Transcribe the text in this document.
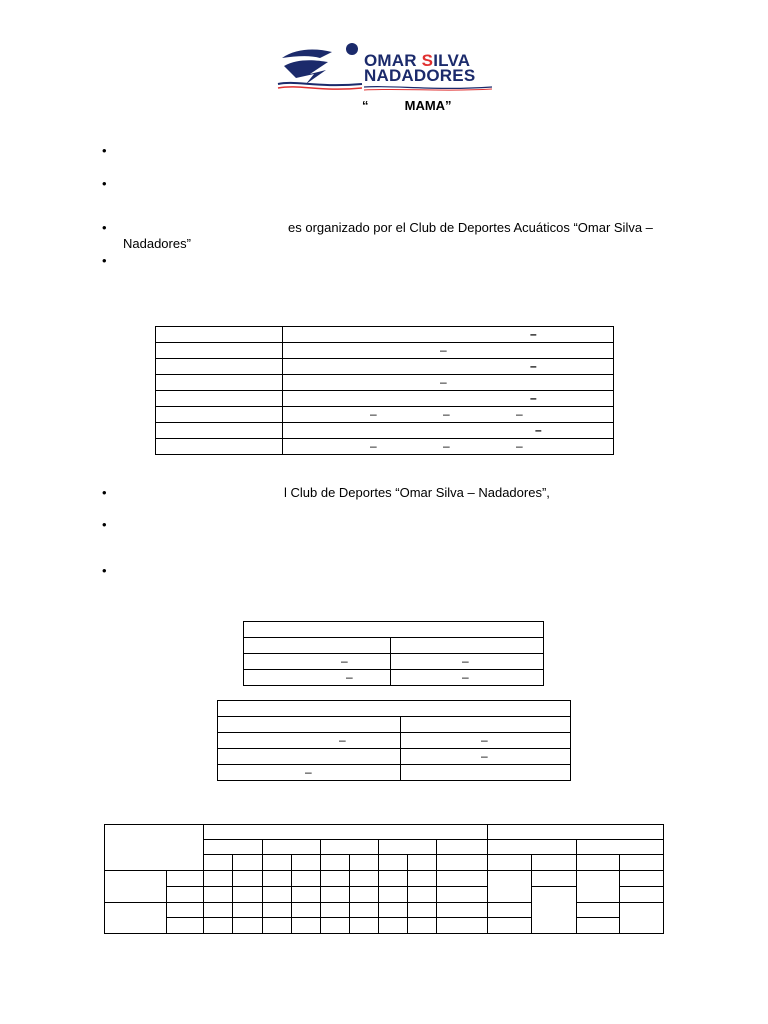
OMAR SILVA
NADADORES
“          MAMA”
•
•
•	es organizado por el Club de Deportes Acuáticos “Omar Silva –
Nadadores”
•

	–

	–

	–

	–

	–

	– – –

	–

	– – –
•	l Club de Deportes “Omar Silva – Nadadores”,
•
•

–	–

–	–

–	–

	–

–	
